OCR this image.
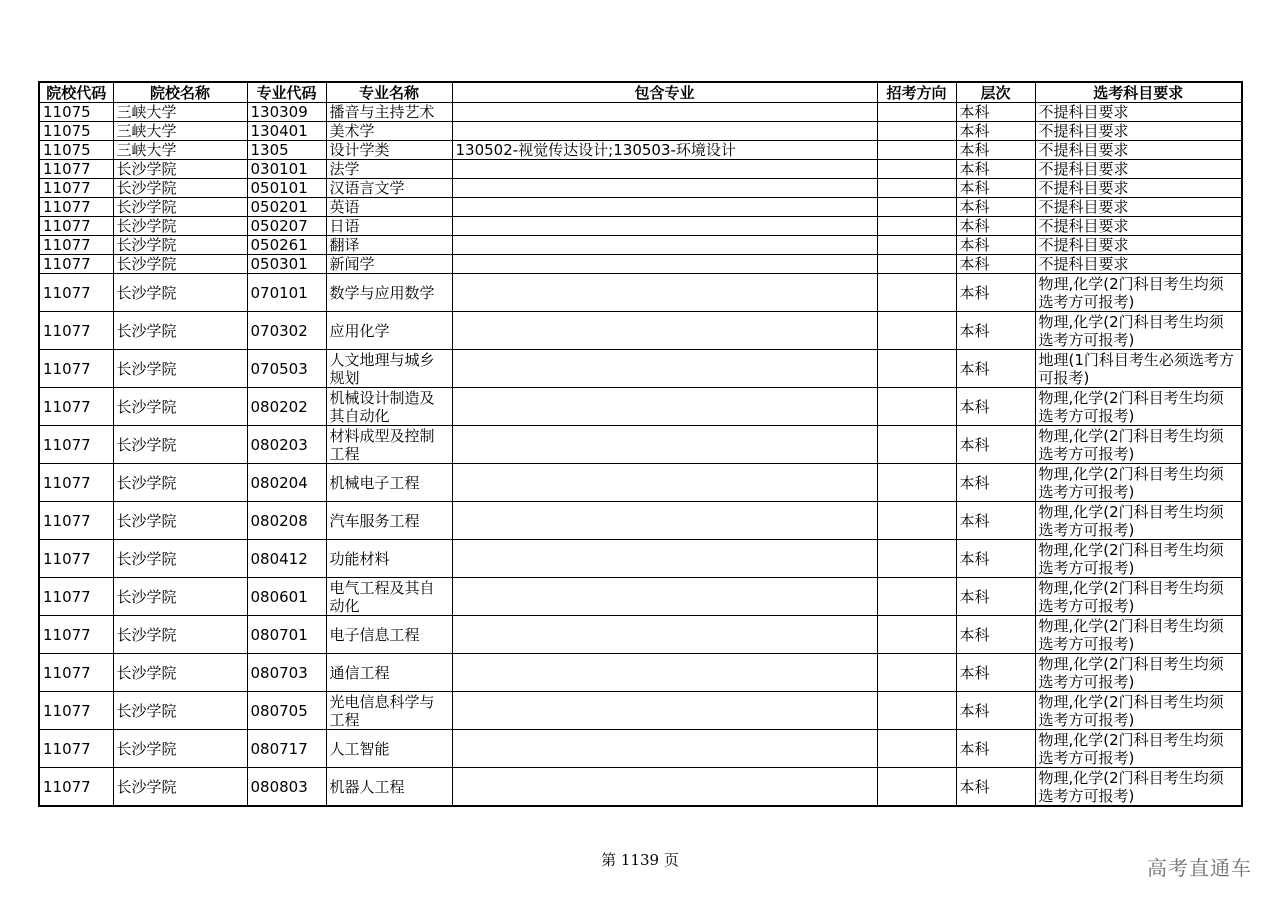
院校代码	院校名称	专业代码	专业名称	包含专业	招考方向	层次	选考科目要求
11075	三峡大学	130309	播音与主持艺术			本科	不提科目要求
11075	三峡大学	130401	美术学			本科	不提科目要求
11075	三峡大学	1305	设计学类	130502-视觉传达设计;130503-环境设计		本科	不提科目要求
11077	长沙学院	030101	法学			本科	不提科目要求
11077	长沙学院	050101	汉语言文学			本科	不提科目要求
11077	长沙学院	050201	英语			本科	不提科目要求
11077	长沙学院	050207	日语			本科	不提科目要求
11077	长沙学院	050261	翻译			本科	不提科目要求
11077	长沙学院	050301	新闻学			本科	不提科目要求
11077	长沙学院	070101	数学与应用数学			本科	物理,化学(2门科目考生均须选考方可报考)
11077	长沙学院	070302	应用化学			本科	物理,化学(2门科目考生均须选考方可报考)
11077	长沙学院	070503	人文地理与城乡规划			本科	地理(1门科目考生必须选考方可报考)
11077	长沙学院	080202	机械设计制造及其自动化			本科	物理,化学(2门科目考生均须选考方可报考)
11077	长沙学院	080203	材料成型及控制工程			本科	物理,化学(2门科目考生均须选考方可报考)
11077	长沙学院	080204	机械电子工程			本科	物理,化学(2门科目考生均须选考方可报考)
11077	长沙学院	080208	汽车服务工程			本科	物理,化学(2门科目考生均须选考方可报考)
11077	长沙学院	080412	功能材料			本科	物理,化学(2门科目考生均须选考方可报考)
11077	长沙学院	080601	电气工程及其自动化			本科	物理,化学(2门科目考生均须选考方可报考)
11077	长沙学院	080701	电子信息工程			本科	物理,化学(2门科目考生均须选考方可报考)
11077	长沙学院	080703	通信工程			本科	物理,化学(2门科目考生均须选考方可报考)
11077	长沙学院	080705	光电信息科学与工程			本科	物理,化学(2门科目考生均须选考方可报考)
11077	长沙学院	080717	人工智能			本科	物理,化学(2门科目考生均须选考方可报考)
11077	长沙学院	080803	机器人工程			本科	物理,化学(2门科目考生均须选考方可报考)
第 1139 页	高考直通车
